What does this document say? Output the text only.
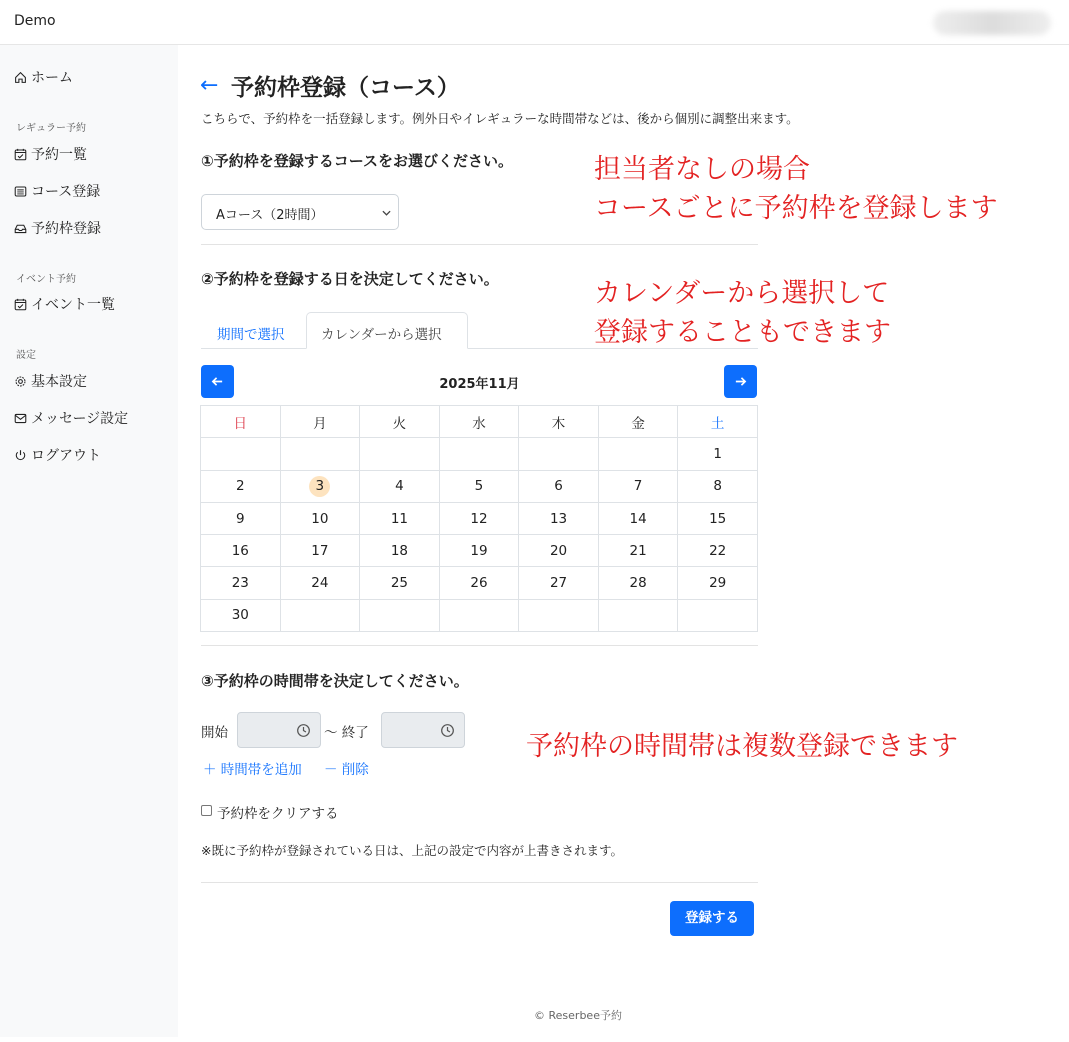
Demo
ホーム
レギュラー予約
予約一覧
コース登録
予約枠登録
イベント予約
イベント一覧
設定
基本設定
メッセージ設定
ログアウト
← 予約枠登録（コース）
こちらで、予約枠を一括登録します。例外日やイレギュラーな時間帯などは、後から個別に調整出来ます。
①予約枠を登録するコースをお選びください。
Aコース（2時間）
②予約枠を登録する日を決定してください。
期間で選択	カレンダーから選択
2025年11月
日	月	火	水	木	金	土
						1
2	3	4	5	6	7	8
9	10	11	12	13	14	15
16	17	18	19	20	21	22
23	24	25	26	27	28	29
30						
③予約枠の時間帯を決定してください。
開始	〜 終了
＋ 時間帯を追加 － 削除
予約枠をクリアする
※既に予約枠が登録されている日は、上記の設定で内容が上書きされます。
登録する
© Reserbee予約
担当者なしの場合
コースごとに予約枠を登録します
カレンダーから選択して
登録することもできます
予約枠の時間帯は複数登録できます
